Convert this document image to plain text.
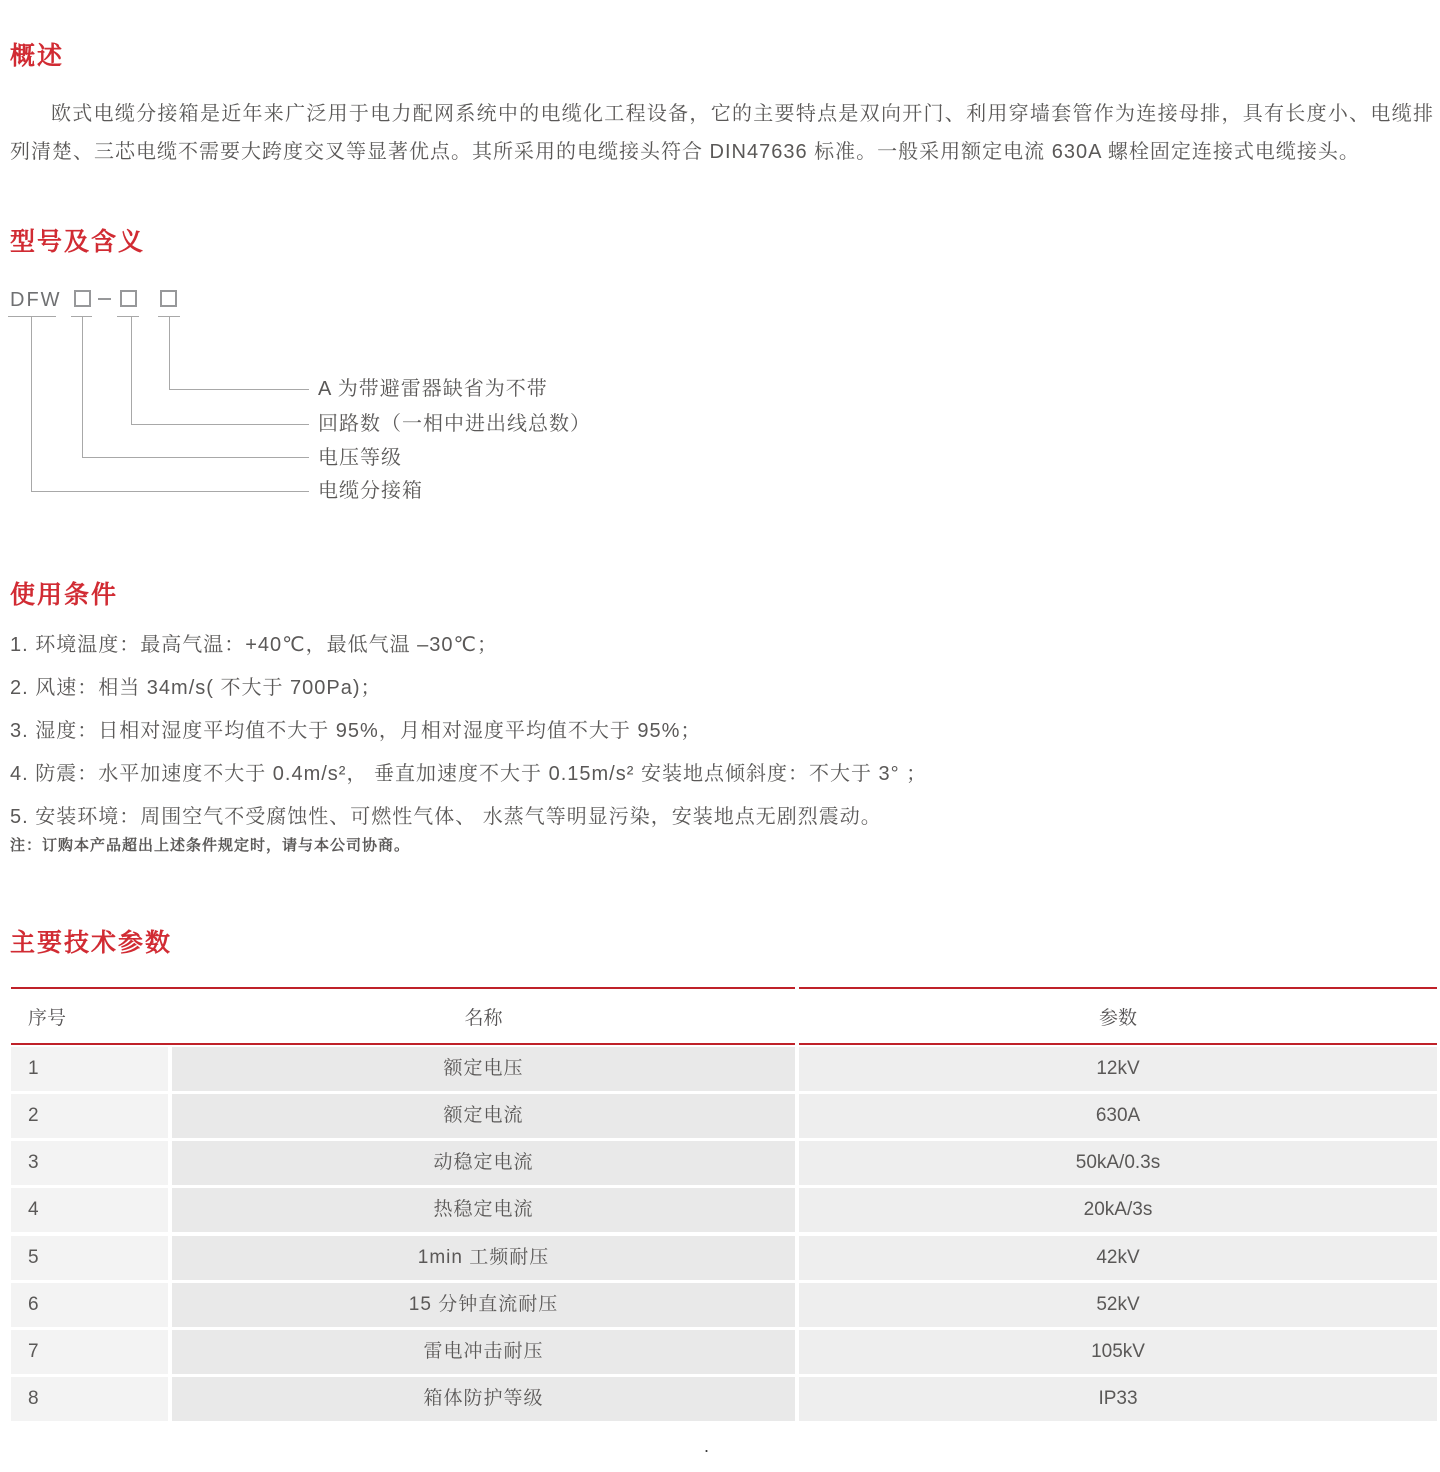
概述
欧式电缆分接箱是近年来广泛用于电力配网系统中的电缆化工程设备，它的主要特点是双向开门、利用穿墙套管作为连接母排，具有长度小、电缆排列清楚、三芯电缆不需要大跨度交叉等显著优点。其所采用的电缆接头符合 DIN47636 标准。一般采用额定电流 630A 螺栓固定连接式电缆接头。
型号及含义
DFW
A 为带避雷器缺省为不带
回路数（一相中进出线总数）
电压等级
电缆分接箱
使用条件
1. 环境温度：最高气温：+40℃，最低气温 –30℃；
2. 风速：相当 34m/s( 不大于 700Pa)；
3. 湿度：日相对湿度平均值不大于 95%，月相对湿度平均值不大于 95%；
4. 防震：水平加速度不大于 0.4m/s²， 垂直加速度不大于 0.15m/s² 安装地点倾斜度：不大于 3° ；
5. 安装环境：周围空气不受腐蚀性、可燃性气体、 水蒸气等明显污染，安装地点无剧烈震动。
注：订购本产品超出上述条件规定时，请与本公司协商。
主要技术参数
序号	名称	参数
1	额定电压	12kV
2	额定电流	630A
3	动稳定电流	50kA/0.3s
4	热稳定电流	20kA/3s
5	1min 工频耐压	42kV
6	15 分钟直流耐压	52kV
7	雷电冲击耐压	105kV
8	箱体防护等级	IP33
.
